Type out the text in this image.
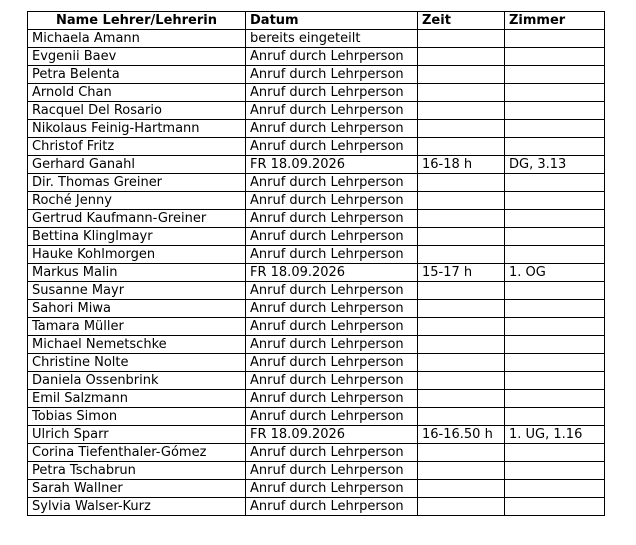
Name Lehrer/Lehrerin	Datum	Zeit	Zimmer
Michaela Amann	bereits eingeteilt		
Evgenii Baev	Anruf durch Lehrperson		
Petra Belenta	Anruf durch Lehrperson		
Arnold Chan	Anruf durch Lehrperson		
Racquel Del Rosario	Anruf durch Lehrperson		
Nikolaus Feinig-Hartmann	Anruf durch Lehrperson		
Christof Fritz	Anruf durch Lehrperson		
Gerhard Ganahl	FR 18.09.2026	16-18 h	DG, 3.13
Dir. Thomas Greiner	Anruf durch Lehrperson		
Roché Jenny	Anruf durch Lehrperson		
Gertrud Kaufmann-Greiner	Anruf durch Lehrperson		
Bettina Klinglmayr	Anruf durch Lehrperson		
Hauke Kohlmorgen	Anruf durch Lehrperson		
Markus Malin	FR 18.09.2026	15-17 h	1. OG
Susanne Mayr	Anruf durch Lehrperson		
Sahori Miwa	Anruf durch Lehrperson		
Tamara Müller	Anruf durch Lehrperson		
Michael Nemetschke	Anruf durch Lehrperson		
Christine Nolte	Anruf durch Lehrperson		
Daniela Ossenbrink	Anruf durch Lehrperson		
Emil Salzmann	Anruf durch Lehrperson		
Tobias Simon	Anruf durch Lehrperson		
Ulrich Sparr	FR 18.09.2026	16-16.50 h	1. UG, 1.16
Corina Tiefenthaler-Gómez	Anruf durch Lehrperson		
Petra Tschabrun	Anruf durch Lehrperson		
Sarah Wallner	Anruf durch Lehrperson		
Sylvia Walser-Kurz	Anruf durch Lehrperson		
